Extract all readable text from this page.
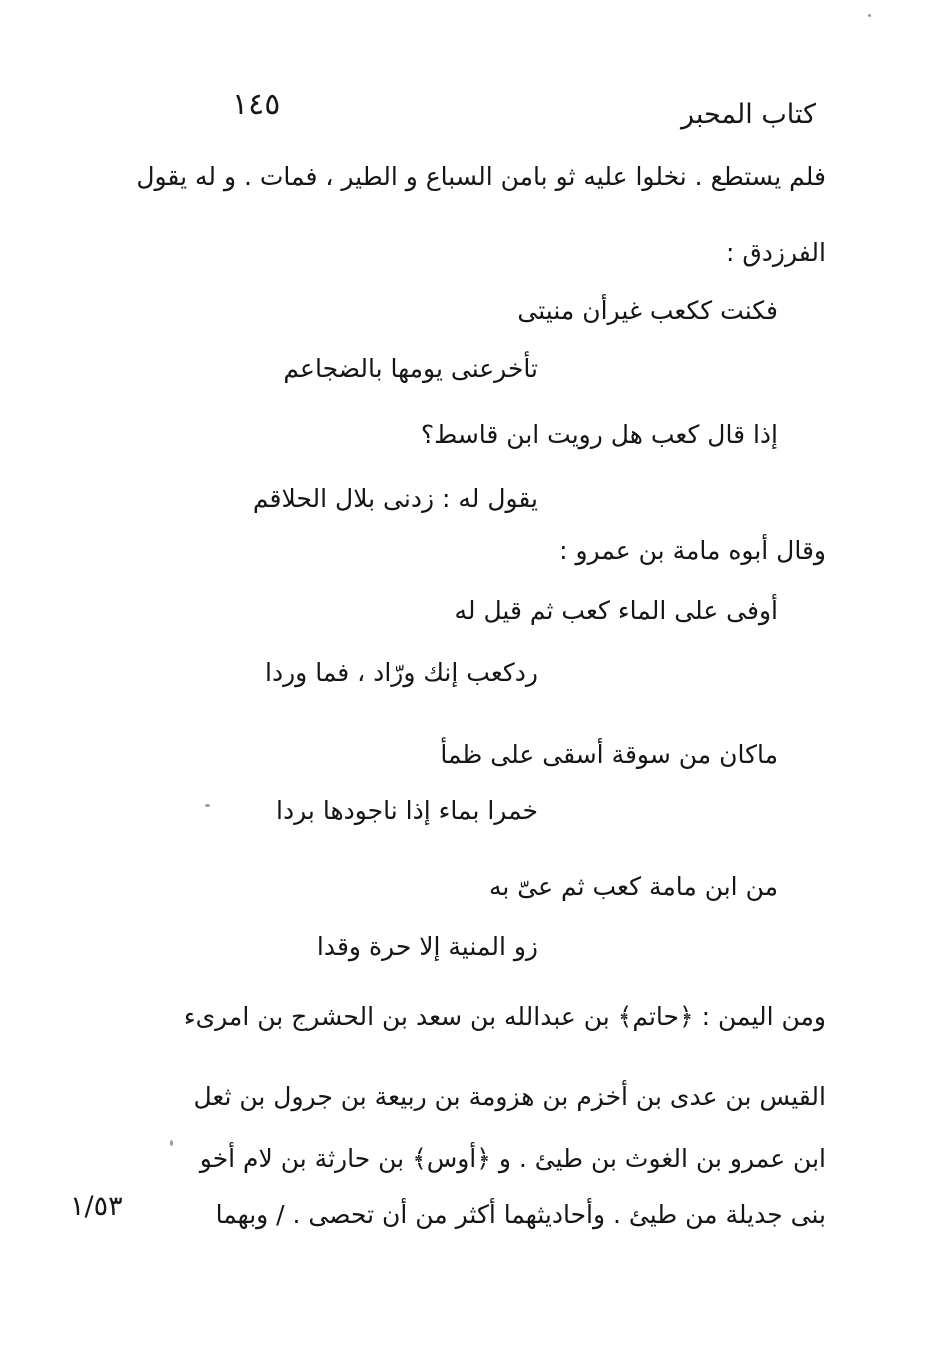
كتاب المحبر
١٤٥
فلم يستطع . نخلوا عليه ثو بامن السباع و الطير ، فمات . و له يقول
الفرزدق :
فكنت ككعب غيرأن منيتى
تأخرعنى يومها بالضجاعم
إذا قال كعب هل رويت ابن قاسط؟
يقول له : زدنى بلال الحلاقم
وقال أبوه مامة بن عمرو :
أوفى على الماء كعب ثم قيل له
ردكعب إنك ورّاد ، فما وردا
ماكان من سوقة أسقى على ظمأ
خمرا بماء إذا ناجودها بردا
من ابن مامة كعب ثم عىّ به
زو المنية إلا حرة وقدا
ومن اليمن : ﴿حاتم﴾ بن عبدالله بن سعد بن الحشرج بن امرىء
القيس بن عدى بن أخزم بن هزومة بن ربيعة بن جرول بن ثعل
ابن عمرو بن الغوث بن طيئ . و ﴿أوس﴾ بن حارثة بن لام أخو
بنى جديلة من طيئ . وأحاديثهما أكثر من أن تحصى . / وبهما
١/٥٣
